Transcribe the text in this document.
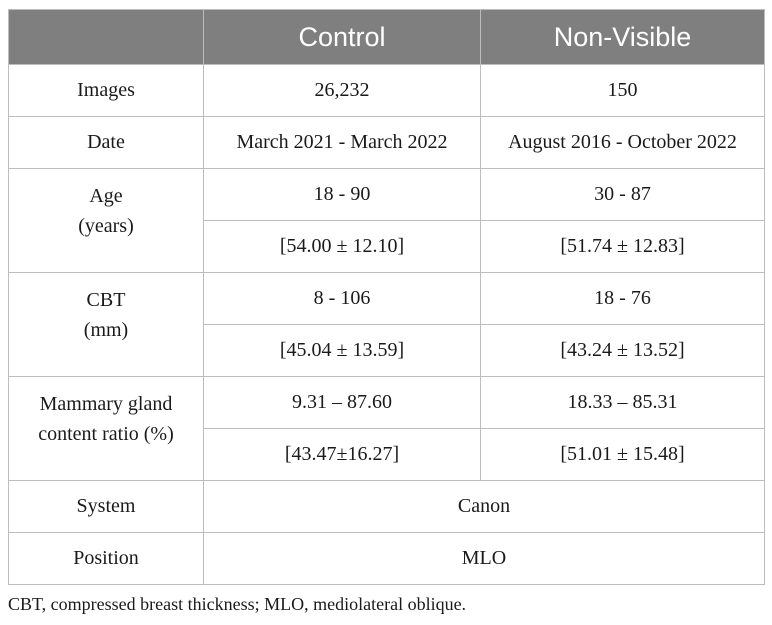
	Control	Non-Visible
Images	26,232	150
Date	March 2021 - March 2022	August 2016 - October 2022

Age
(years)	18 - 90	30 - 87
	[54.00 ± 12.10]	[51.74 ± 12.83]

CBT
(mm)	8 - 106	18 - 76
	[45.04 ± 13.59]	[43.24 ± 13.52]

Mammary gland
content ratio (%)	9.31 – 87.60	18.33 – 85.31
	[43.47±16.27]	[51.01 ± 15.48]
System	Canon	
Position	MLO	
CBT, compressed breast thickness; MLO, mediolateral oblique.
